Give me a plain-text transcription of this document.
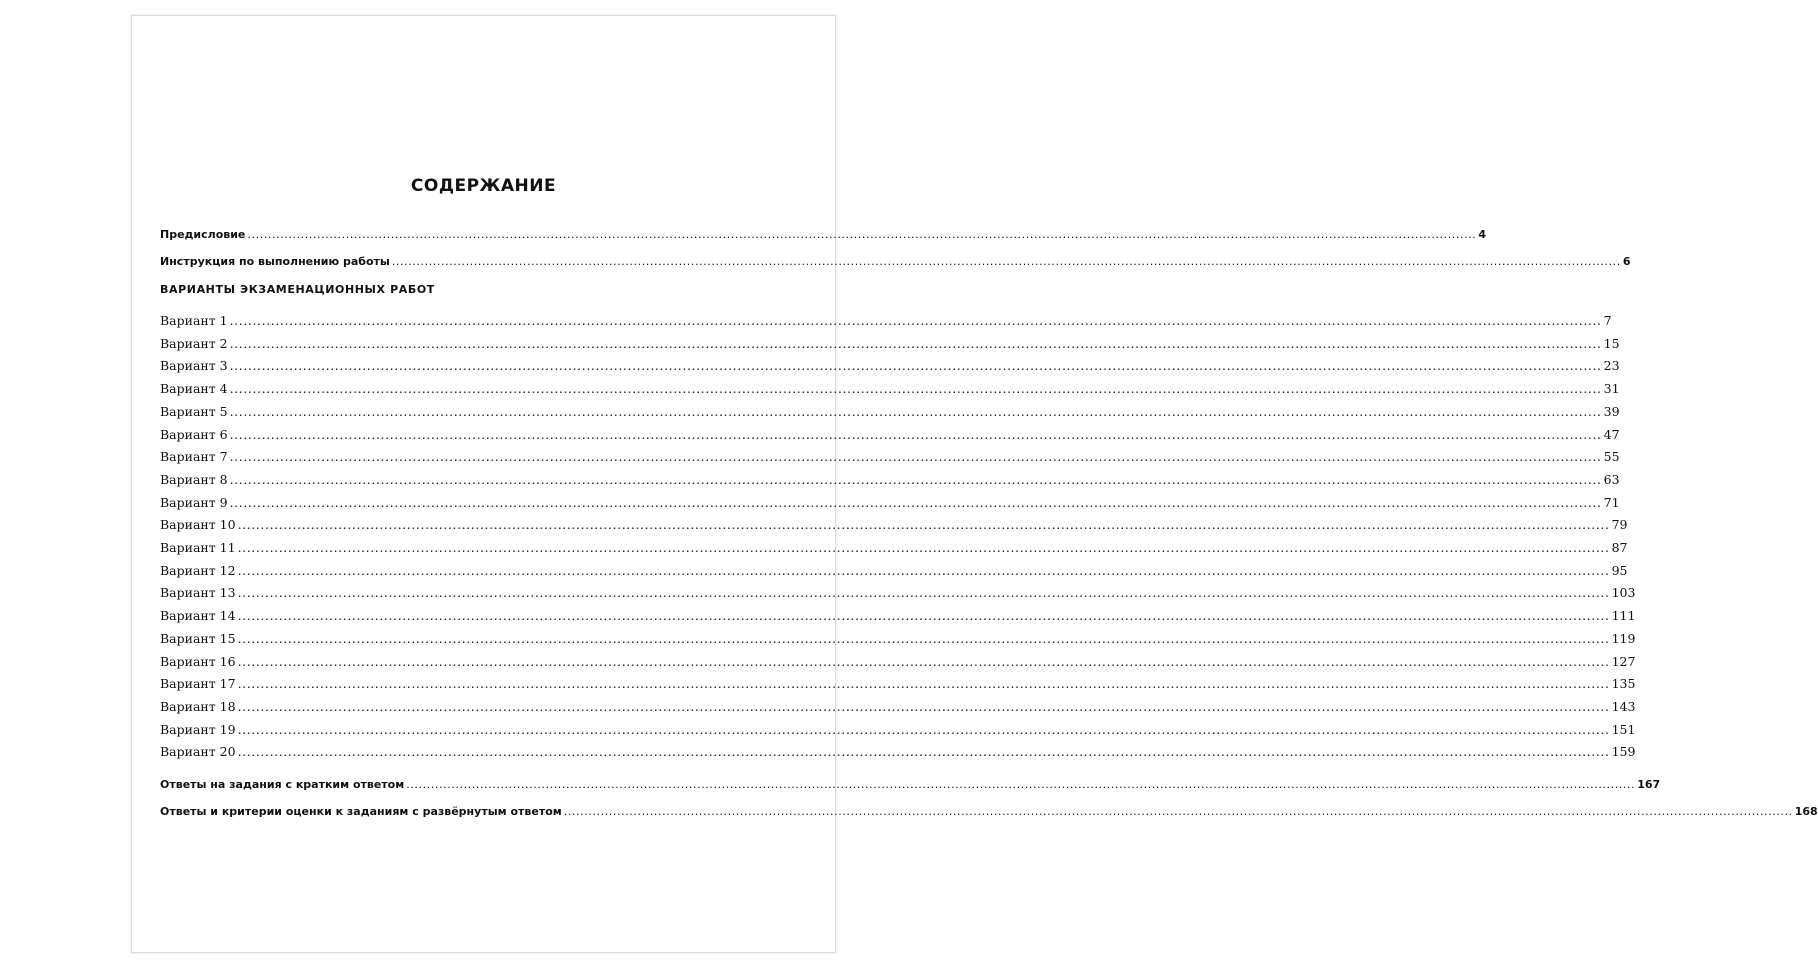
СОДЕРЖАНИЕ
Предисловие ............................................................................................................................................................................................................................................................................................................ 4
Инструкция по выполнению работы ............................................................................................................................................................................................................................................................................................................ 6
ВАРИАНТЫ ЭКЗАМЕНАЦИОННЫХ РАБОТ
Вариант 1 ............................................................................................................................................................................................................................................................................................................ 7
Вариант 2 ............................................................................................................................................................................................................................................................................................................ 15
Вариант 3 ............................................................................................................................................................................................................................................................................................................ 23
Вариант 4 ............................................................................................................................................................................................................................................................................................................ 31
Вариант 5 ............................................................................................................................................................................................................................................................................................................ 39
Вариант 6 ............................................................................................................................................................................................................................................................................................................ 47
Вариант 7 ............................................................................................................................................................................................................................................................................................................ 55
Вариант 8 ............................................................................................................................................................................................................................................................................................................ 63
Вариант 9 ............................................................................................................................................................................................................................................................................................................ 71
Вариант 10 ............................................................................................................................................................................................................................................................................................................ 79
Вариант 11 ............................................................................................................................................................................................................................................................................................................ 87
Вариант 12 ............................................................................................................................................................................................................................................................................................................ 95
Вариант 13 ............................................................................................................................................................................................................................................................................................................ 103
Вариант 14 ............................................................................................................................................................................................................................................................................................................ 111
Вариант 15 ............................................................................................................................................................................................................................................................................................................ 119
Вариант 16 ............................................................................................................................................................................................................................................................................................................ 127
Вариант 17 ............................................................................................................................................................................................................................................................................................................ 135
Вариант 18 ............................................................................................................................................................................................................................................................................................................ 143
Вариант 19 ............................................................................................................................................................................................................................................................................................................ 151
Вариант 20 ............................................................................................................................................................................................................................................................................................................ 159
Ответы на задания с кратким ответом ............................................................................................................................................................................................................................................................................................................ 167
Ответы и критерии оценки к заданиям с развёрнутым ответом ............................................................................................................................................................................................................................................................................................................ 168
